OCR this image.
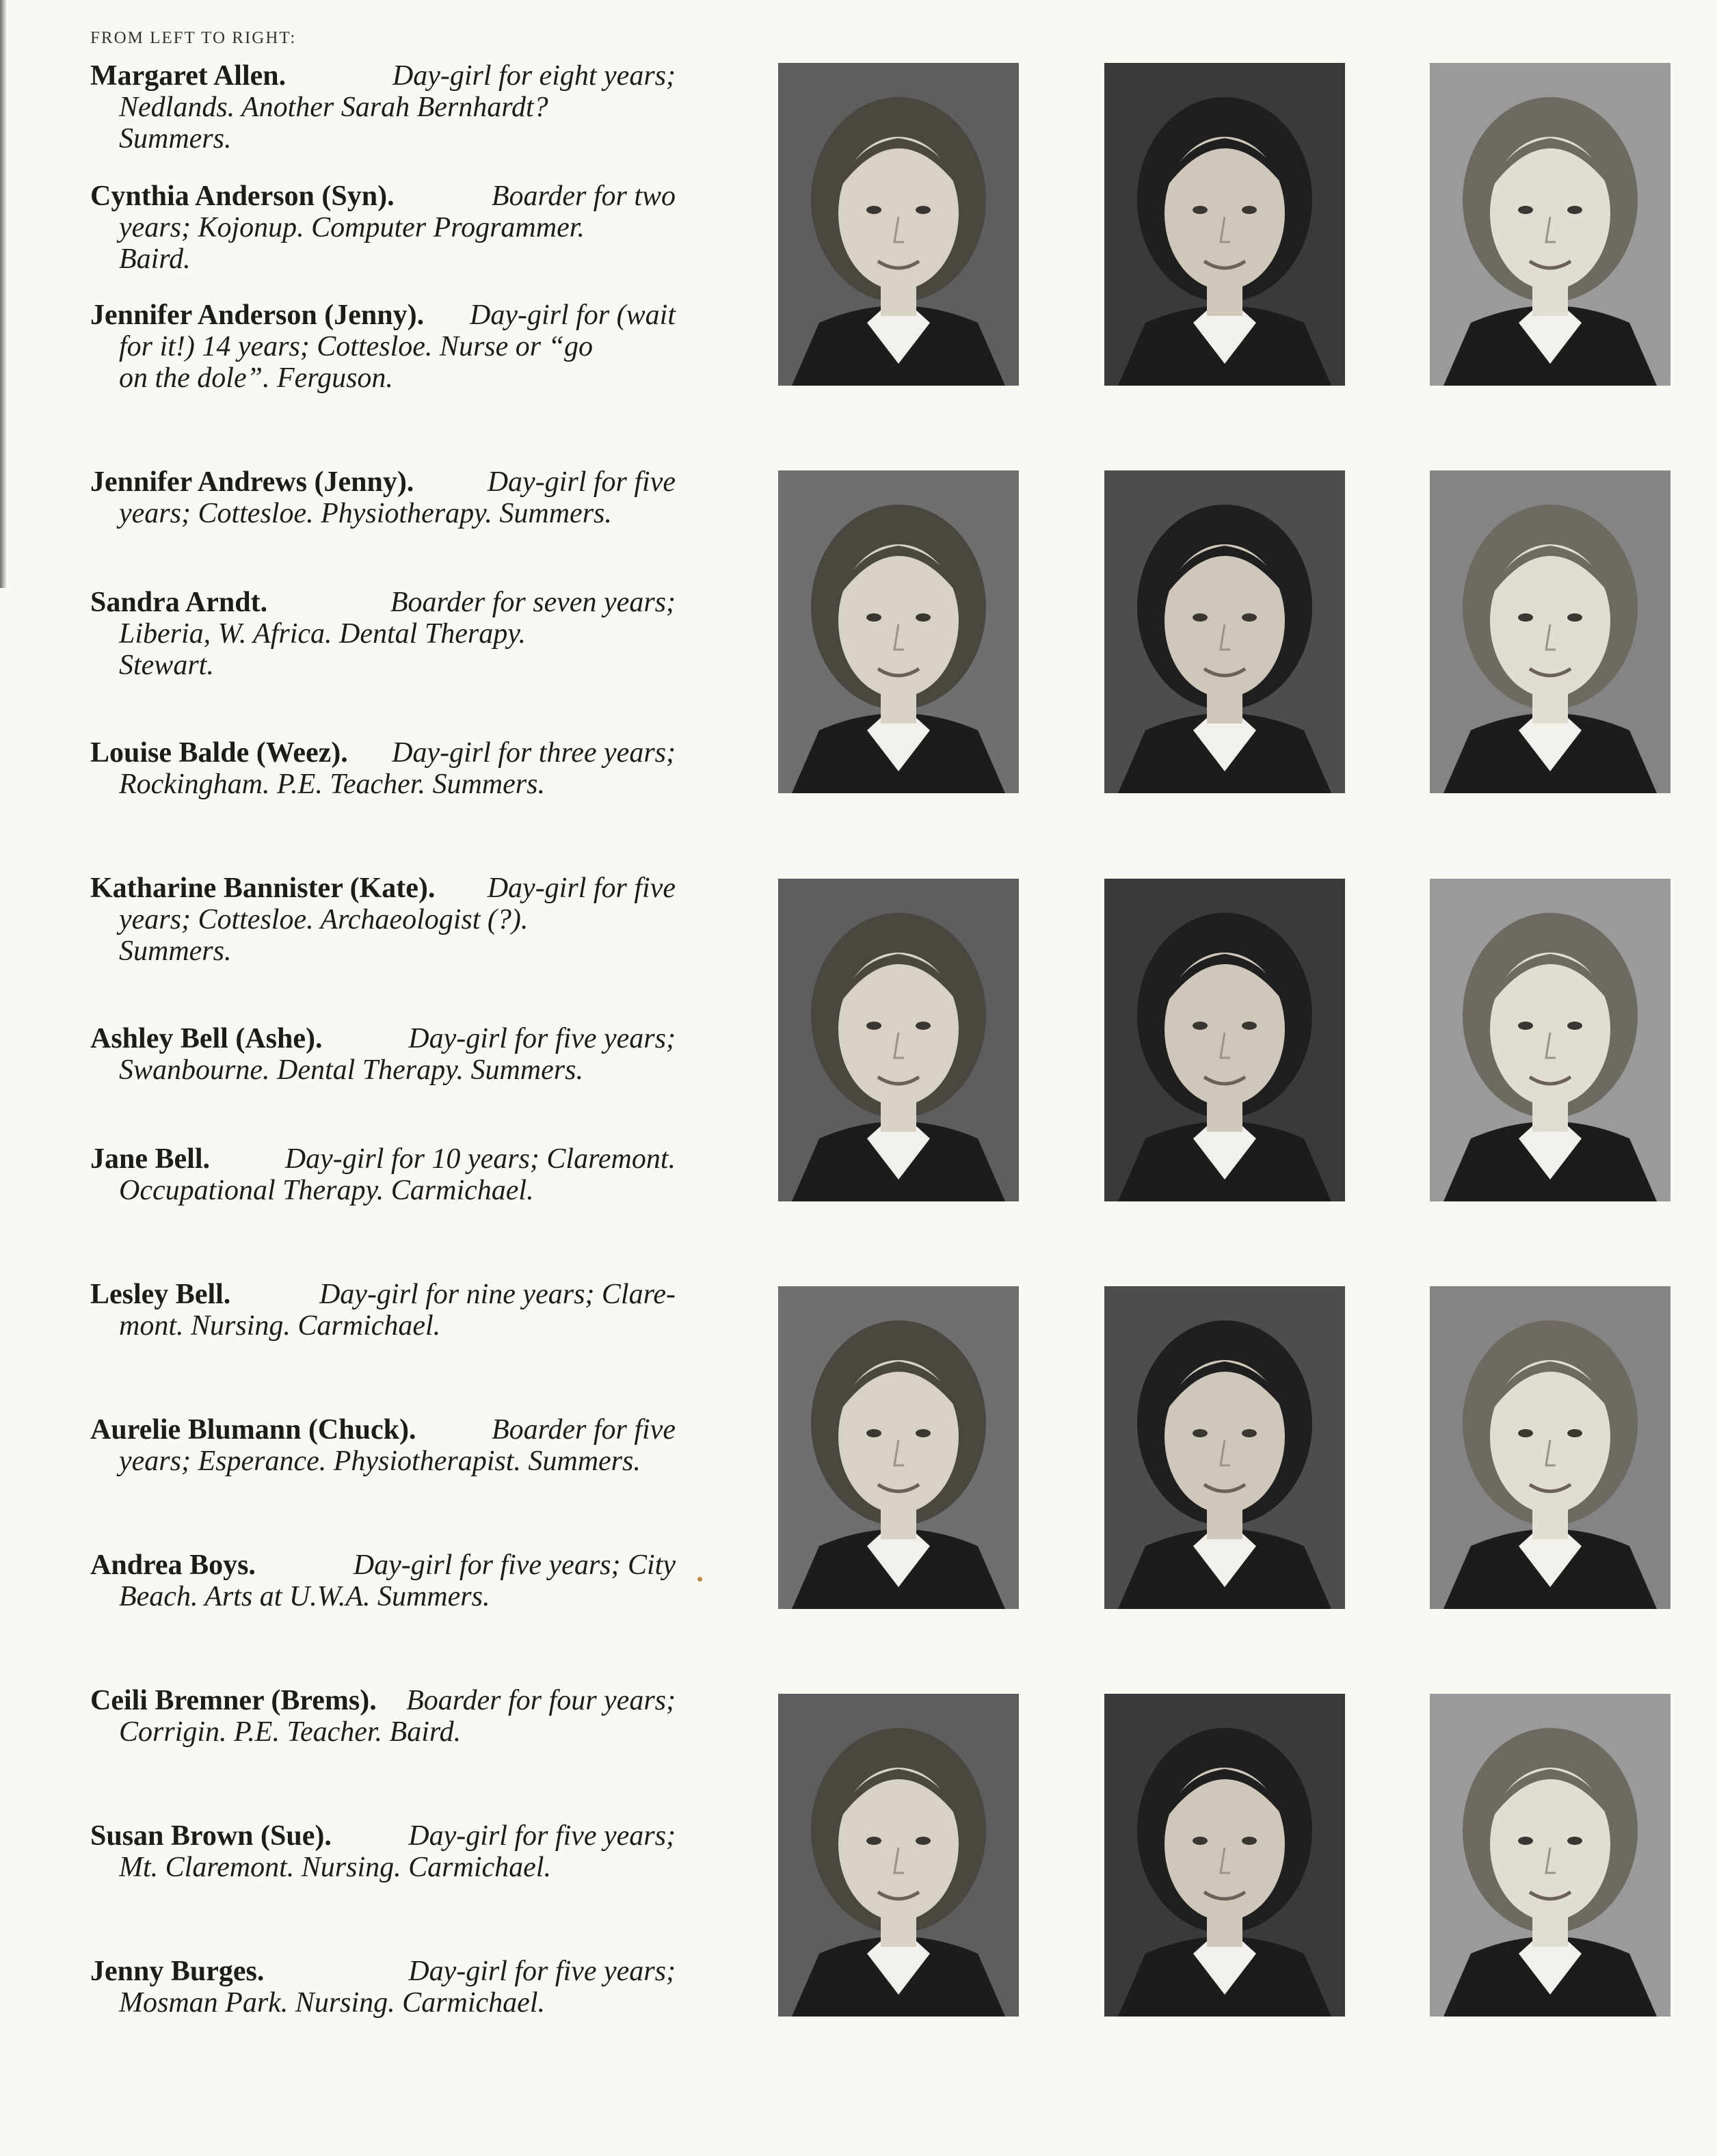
FROM LEFT TO RIGHT:
Margaret Allen.	Day-girl for eight years;
Nedlands. Another Sarah Bernhardt?
Summers.
Cynthia Anderson (Syn).	Boarder for two
years; Kojonup. Computer Programmer.
Baird.
Jennifer Anderson (Jenny). Day-girl for (wait
for it!) 14 years; Cottesloe. Nurse or “go
on the dole”. Ferguson.
Jennifer Andrews (Jenny).	Day-girl for five
years; Cottesloe. Physiotherapy. Summers.
Sandra Arndt.	Boarder for seven years;
Liberia, W. Africa. Dental Therapy.
Stewart.
Louise Balde (Weez). Day-girl for three years;
Rockingham. P.E. Teacher. Summers.
Katharine Bannister (Kate). Day-girl for five
years; Cottesloe. Archaeologist (?).
Summers.
Ashley Bell (Ashe).	Day-girl for five years;
Swanbourne. Dental Therapy. Summers.
Jane Bell.	Day-girl for 10 years; Claremont.
Occupational Therapy. Carmichael.
Lesley Bell.	Day-girl for nine years; Clare-
mont. Nursing. Carmichael.
Aurelie Blumann (Chuck).	Boarder for five
years; Esperance. Physiotherapist. Summers.
Andrea Boys.	Day-girl for five years; City
Beach. Arts at U.W.A. Summers.
Ceili Bremner (Brems). Boarder for four years;
Corrigin. P.E. Teacher. Baird.
Susan Brown (Sue).	Day-girl for five years;
Mt. Claremont. Nursing. Carmichael.
Jenny Burges.	Day-girl for five years;
Mosman Park. Nursing. Carmichael.
